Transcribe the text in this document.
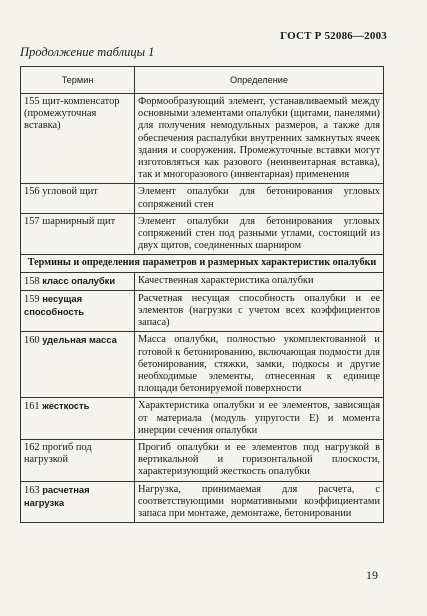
ГОСТ Р 52086—2003
Продолжение таблицы 1
Термин	Определение
155 щит-компенсатор (промежуточная вставка)	Формообразующий элемент, устанавливаемый между основными элементами опалубки (щитами, панелями) для получения немодульных размеров, а также для обеспечения распалубки внутренних замкнутых ячеек здания и сооружения. Промежуточные вставки могут изготовляться как разового (неинвентарная вставка), так и многоразового (инвентарная) применения
156 угловой щит	Элемент опалубки для бетонирования угловых сопряжений стен
157 шарнирный щит	Элемент опалубки для бетонирования угловых сопряжений стен под разными углами, состоящий из двух щитов, соединенных шарниром
Термины и определения параметров и размерных характеристик опалубки	
158 класс опалубки	Качественная характеристика опалубки
159 несущая способность	Расчетная несущая способность опалубки и ее элементов (нагрузки с учетом всех коэффициентов запаса)
160 удельная масса	Масса опалубки, полностью укомплектованной и готовой к бетонированию, включающая подмости для бетонирования, стяжки, замки, подкосы и другие необходимые элементы, отнесенная к единице площади бетонируемой поверхности
161 жесткость	Характеристика опалубки и ее элементов, зависящая от материала (модуль упругости Е) и момента инерции сечения опалубки
162 прогиб под нагрузкой	Прогиб опалубки и ее элементов под нагрузкой в вертикальной и горизонтальной плоскости, характеризующий жесткость опалубки
163 расчетная нагрузка	Нагрузка, принимаемая для расчета, с соответствующими нормативными коэффициентами запаса при монтаже, демонтаже, бетонировании
19
